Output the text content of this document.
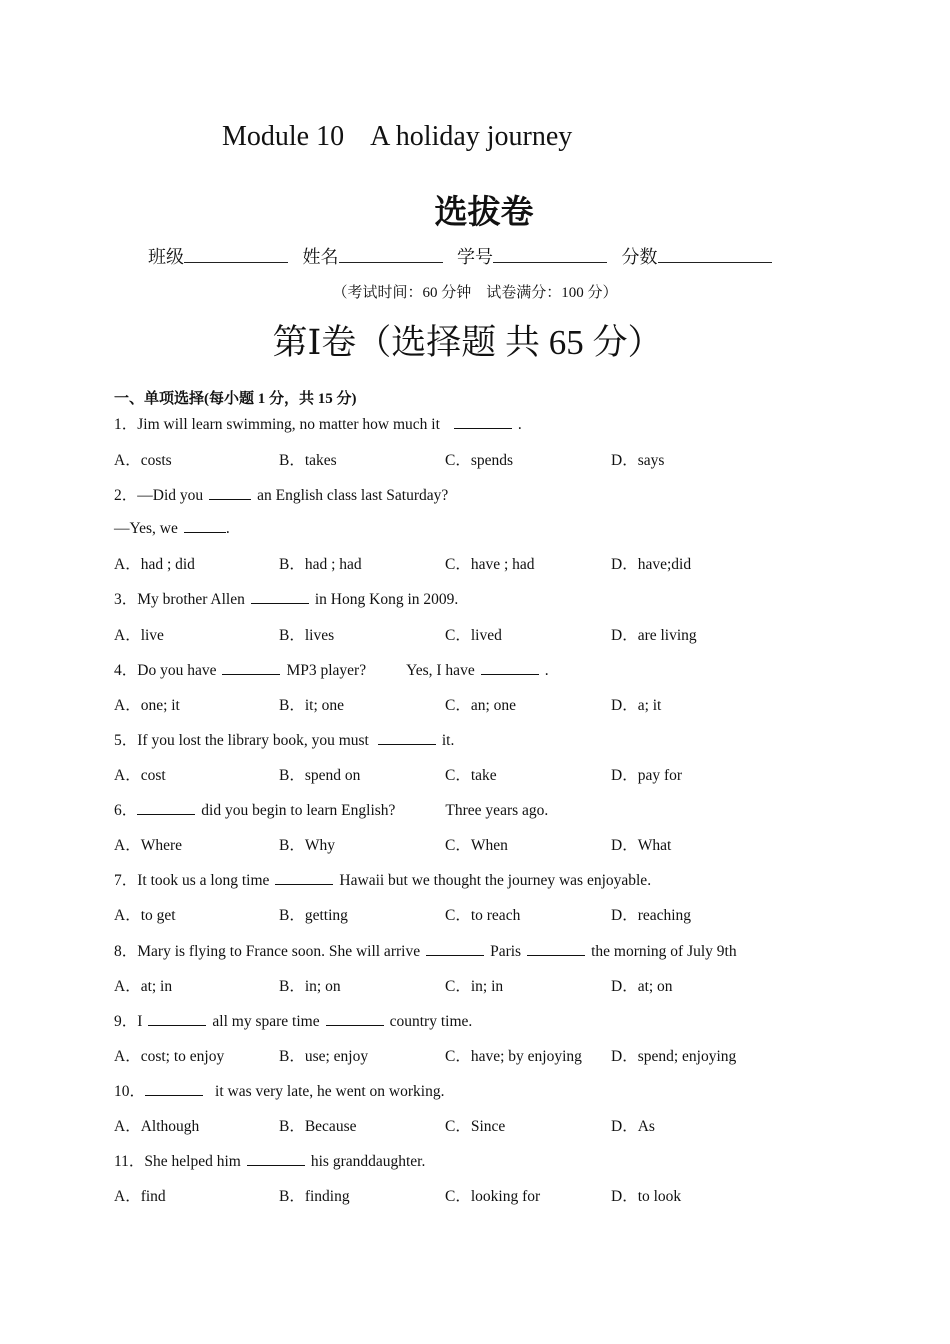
Module 10 A holiday journey
选拔卷
班级	姓名	学号	分数
（考试时间：60 分钟　试卷满分：100 分）
第Ⅰ卷（选择题 共 65 分）
一、单项选择(每小题 1 分，共 15 分)
1．Jim will learn swimming, no matter how much it	.
A．costs	B．takes	C．spends	D．says
2．—Did you	an English class last Saturday?
—Yes, we	.
A．had ; did	B．had ; had	C．have ; had	D．have;did
3．My brother Allen	in Hong Kong in 2009.
A．live	B．lives	C．lived	D．are living
4．Do you have	MP3 player?	Yes, I have	.
A．one; it	B．it; one	C．an; one	D．a; it
5．If you lost the library book, you must	it.
A．cost	B．spend on	C．take	D．pay for
6．	did you begin to learn English?	Three years ago.
A．Where	B．Why	C．When	D．What
7．It took us a long time	Hawaii but we thought the journey was enjoyable.
A．to get	B．getting	C．to reach	D．reaching
8．Mary is flying to France soon. She will arrive	Paris	the morning of July 9th
A．at; in	B．in; on	C．in; in	D．at; on
9．I	all my spare time	country time.
A．cost; to enjoy	B．use; enjoy	C．have; by enjoying D．spend; enjoying
10．	it was very late, he went on working.
A．Although	B．Because	C．Since	D．As
11．She helped him	his granddaughter.
A．find	B．finding	C．looking for	D．to look
